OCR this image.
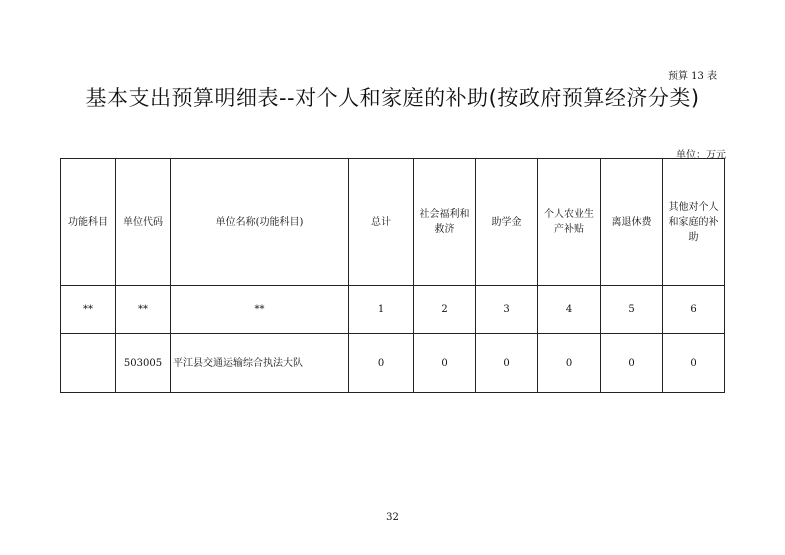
预算 13 表
基本支出预算明细表--对个人和家庭的补助(按政府预算经济分类)
单位：万元
功能科目	单位代码	单位名称(功能科目)	总计	社会福利和救济	助学金	个人农业生产补贴	离退休费	其他对个人和家庭的补助
**	**	**	1	2	3	4	5	6
	503005	平江县交通运输综合执法大队	0	0	0	0	0	0
32
